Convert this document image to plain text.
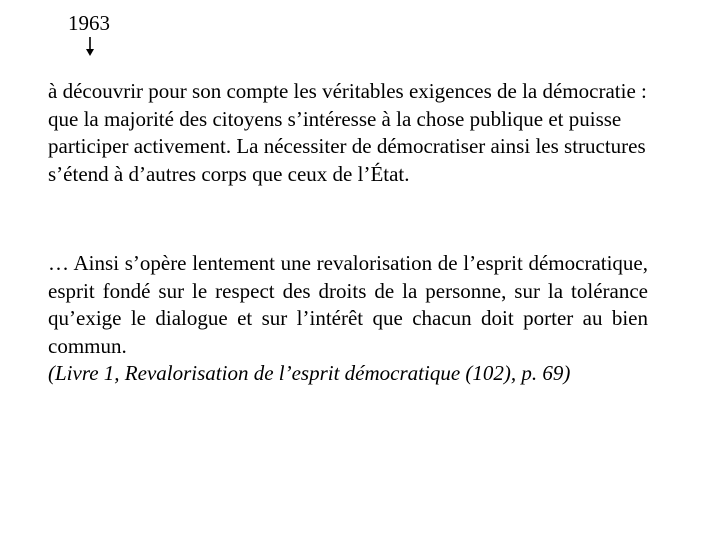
1963

à découvrir pour son compte les véritables exigences de la démocratie : que la majorité des citoyens s’intéresse à la chose publique et puisse participer activement. La nécessiter de démocratiser ainsi les structures s’étend à d’autres corps que ceux de l’État.

… Ainsi s’opère lentement une revalorisation de l’esprit démocratique, esprit fondé sur le respect des droits de la personne, sur la tolérance qu’exige le dialogue et sur l’intérêt que chacun doit porter au bien commun.

(Livre 1, Revalorisation de l’esprit démocratique (102), p. 69)
